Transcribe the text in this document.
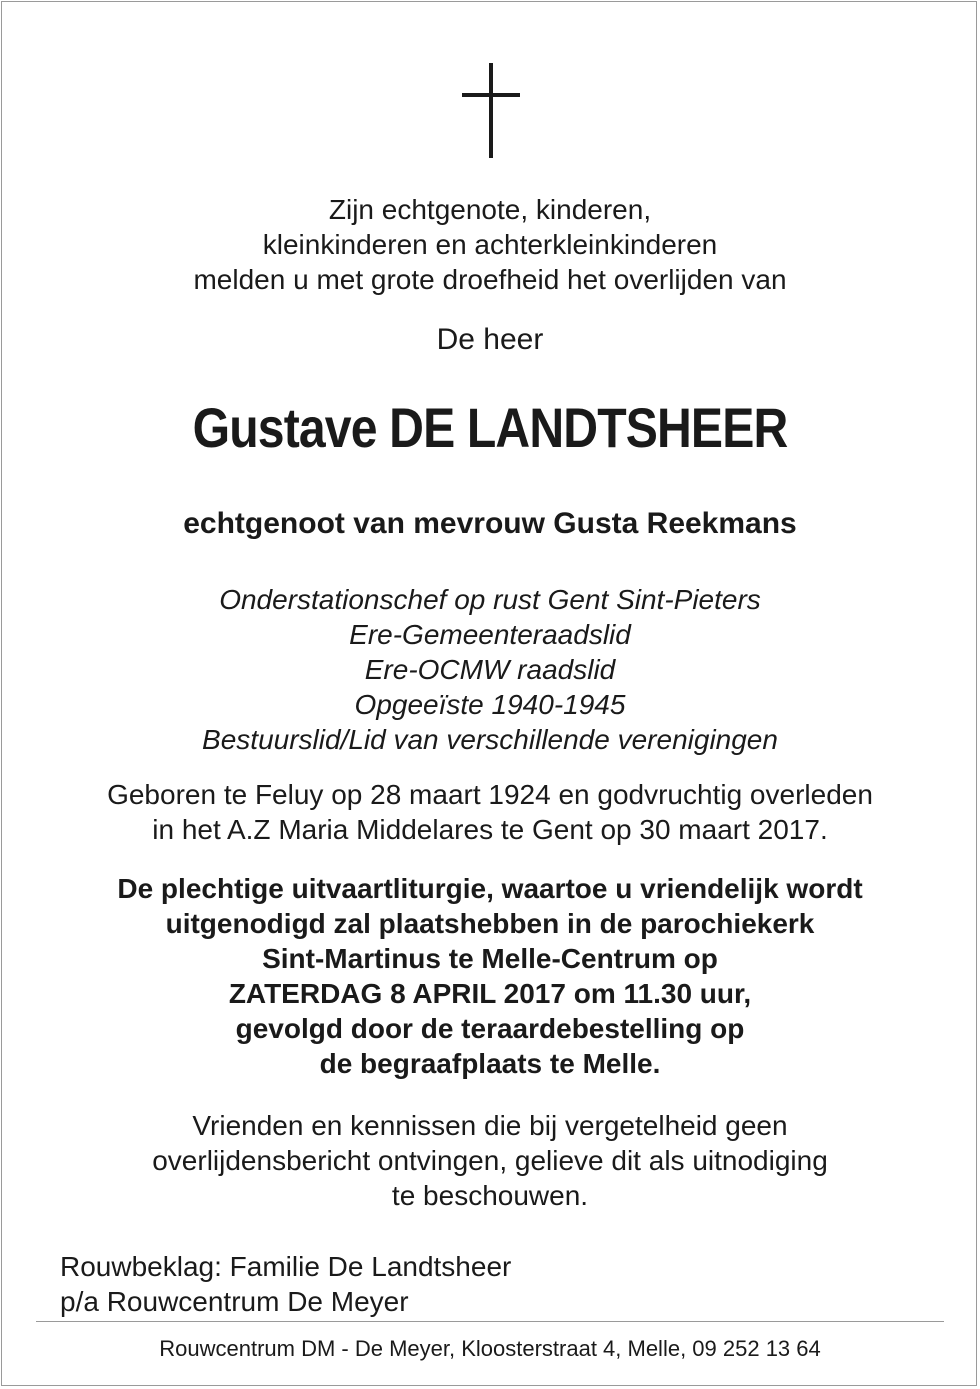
Zijn echtgenote, kinderen,
kleinkinderen en achterkleinkinderen
melden u met grote droefheid het overlijden van
De heer
Gustave DE LANDTSHEER
echtgenoot van mevrouw Gusta Reekmans
Onderstationschef op rust Gent Sint-Pieters
Ere-Gemeenteraadslid
Ere-OCMW raadslid
Opgeeïste 1940-1945
Bestuurslid/Lid van verschillende verenigingen
Geboren te Feluy op 28 maart 1924 en godvruchtig overleden
in het A.Z Maria Middelares te Gent op 30 maart 2017.
De plechtige uitvaartliturgie, waartoe u vriendelijk wordt
uitgenodigd zal plaatshebben in de parochiekerk
Sint-Martinus te Melle-Centrum op
ZATERDAG 8 APRIL 2017 om 11.30 uur,
gevolgd door de teraardebestelling op
de begraafplaats te Melle.
Vrienden en kennissen die bij vergetelheid geen
overlijdensbericht ontvingen, gelieve dit als uitnodiging
te beschouwen.
Rouwbeklag: Familie De Landtsheer
p/a Rouwcentrum De Meyer
Rouwcentrum DM - De Meyer, Kloosterstraat 4, Melle, 09 252 13 64
